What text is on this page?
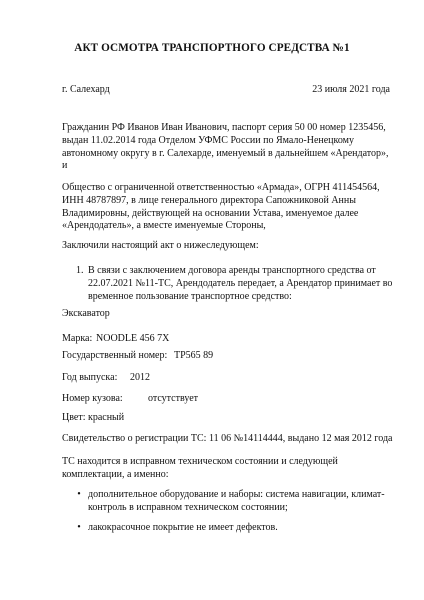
АКТ ОСМОТРА ТРАНСПОРТНОГО СРЕДСТВА №1
г. Салехард	23 июля 2021 года
Гражданин РФ Иванов Иван Иванович, паспорт серия 50 00 номер 1235456,
выдан 11.02.2014 года Отделом УФМС России по Ямало-Ненецкому
автономному округу в г. Салехарде, именуемый в дальнейшем «Арендатор»,
и
Общество с ограниченной ответственностью «Армада», ОГРН 411454564,
ИНН 48787897, в лице генерального директора Сапожниковой Анны
Владимировны, действующей на основании Устава, именуемое далее
«Арендодатель», а вместе именуемые Стороны,
Заключили настоящий акт о нижеследующем:
1. В связи с заключением договора аренды транспортного средства от
22.07.2021 №11-ТС, Арендодатель передает, а Арендатор принимает во
временное пользование транспортное средство:
Экскаватор
Марка: NOODLE 456 7X
Государственный номер: ТР565 89
Год выпуска: 2012
Номер кузова:	отсутствует
Цвет: красный
Свидетельство о регистрации ТС: 11 06 №14114444, выдано 12 мая 2012 года
ТС находится в исправном техническом состоянии и следующей
комплектации, а именно:
• дополнительное оборудование и наборы: система навигации, климат-
контроль в исправном техническом состоянии;
• лакокрасочное покрытие не имеет дефектов.
